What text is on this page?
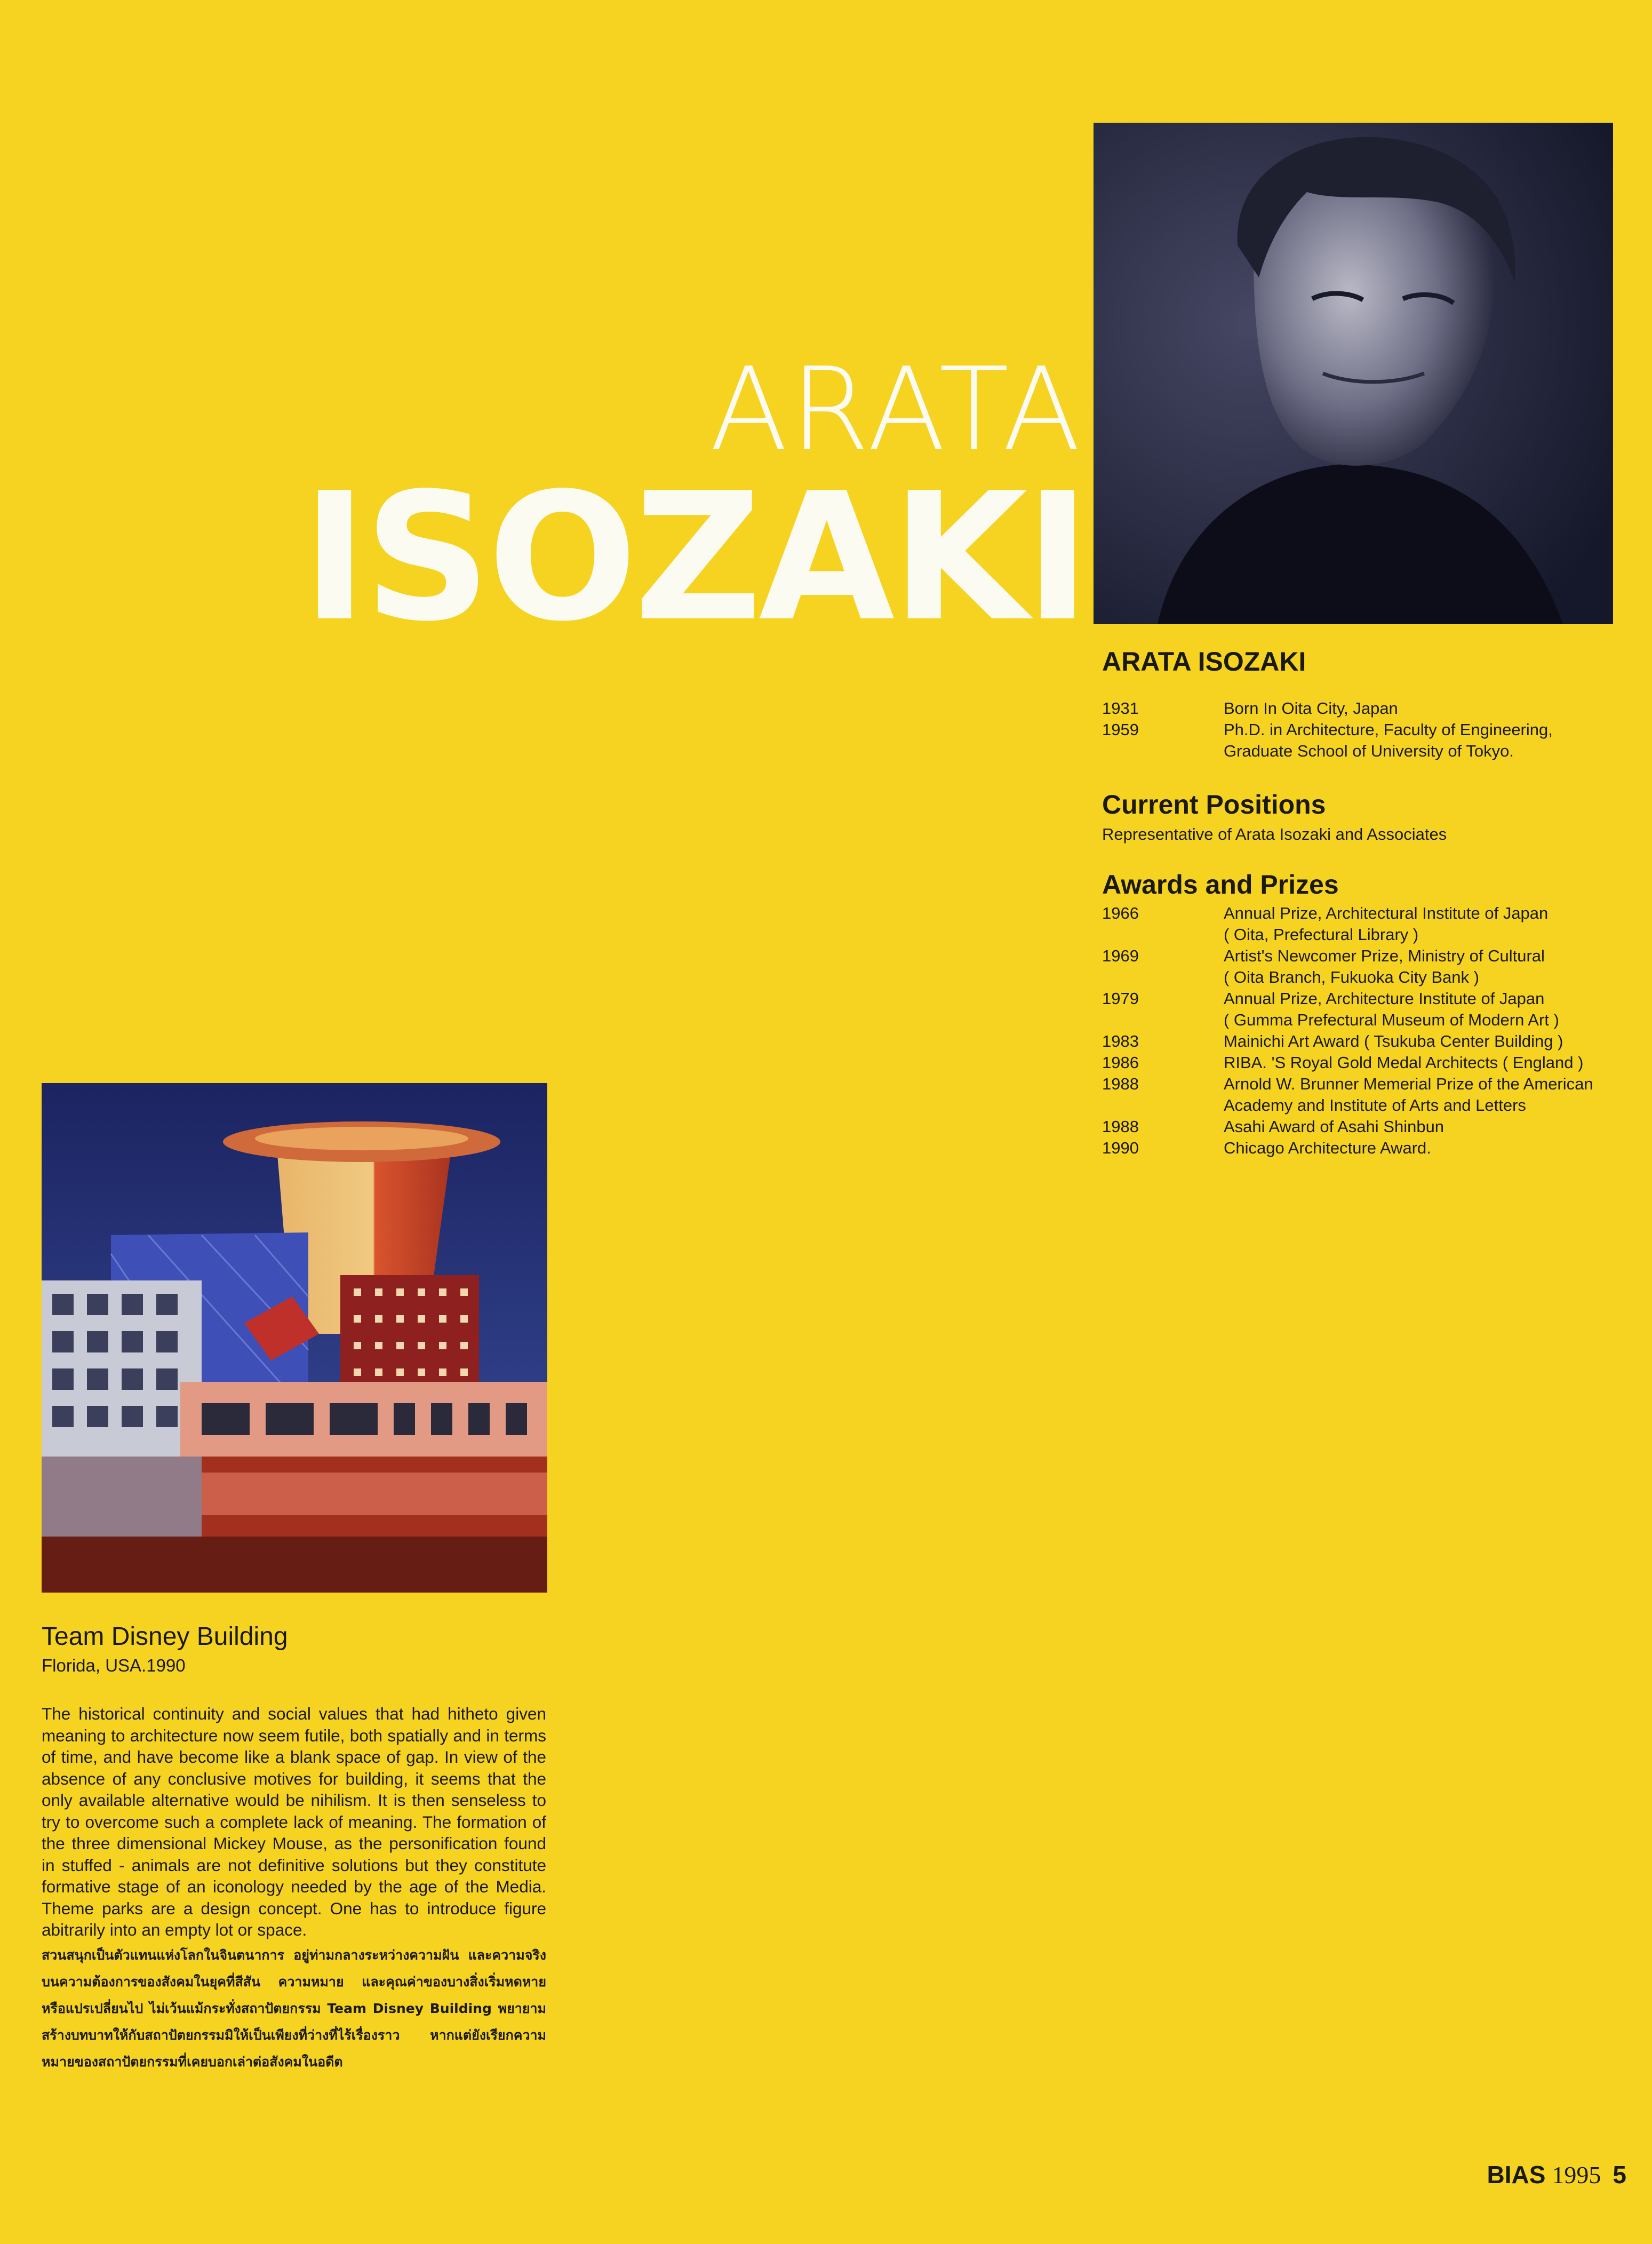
ARATA
ISOZAKI
ARATA ISOZAKI
1931	Born In Oita City, Japan
1959	Ph.D. in Architecture, Faculty of Engineering,
Graduate School of University of Tokyo.
Current Positions
Representative of Arata Isozaki and Associates
Awards and Prizes
1966	Annual Prize, Architectural Institute of Japan
( Oita, Prefectural Library )
1969	Artist's Newcomer Prize, Ministry of Cultural
( Oita Branch, Fukuoka City Bank )
1979	Annual Prize, Architecture Institute of Japan
( Gumma Prefectural Museum of Modern Art )
1983	Mainichi Art Award ( Tsukuba Center Building )
1986	RIBA. 'S Royal Gold Medal Architects ( England )
1988	Arnold W. Brunner Memerial Prize of the American
Academy and Institute of Arts and Letters
1988	Asahi Award of Asahi Shinbun
1990	Chicago Architecture Award.
Team Disney Building
Florida, USA.1990
The historical continuity and social values that had hitheto given meaning to architecture now seem futile, both spatially and in terms of time, and have become like a blank space of gap. In view of the absence of any conclusive motives for building, it seems that the only available alternative would be nihilism. It is then senseless to try to overcome such a complete lack of meaning. The formation of the three dimensional Mickey Mouse, as the personification found in stuffed - animals are not definitive solutions but they constitute formative stage of an iconology needed by the age of the Media. Theme parks are a design concept. One has to introduce figure abitrarily into an empty lot or space.
สวนสนุกเป็นตัวแทนแห่งโลกในจินตนาการ อยู่ท่ามกลางระหว่างความฝัน และความจริง บนความต้องการของสังคมในยุคที่สีสัน ความหมาย และคุณค่าของบางสิ่งเริ่มหดหาย หรือแปรเปลี่ยนไป ไม่เว้นแม้กระทั่งสถาปัตยกรรม Team Disney Building พยายามสร้างบทบาทให้กับสถาปัตยกรรมมิให้เป็นเพียงที่ว่างที่ไร้เรื่องราว หากแต่ยังเรียกความหมายของสถาปัตยกรรมที่เคยบอกเล่าต่อสังคมในอดีต
BIAS 1995 5
